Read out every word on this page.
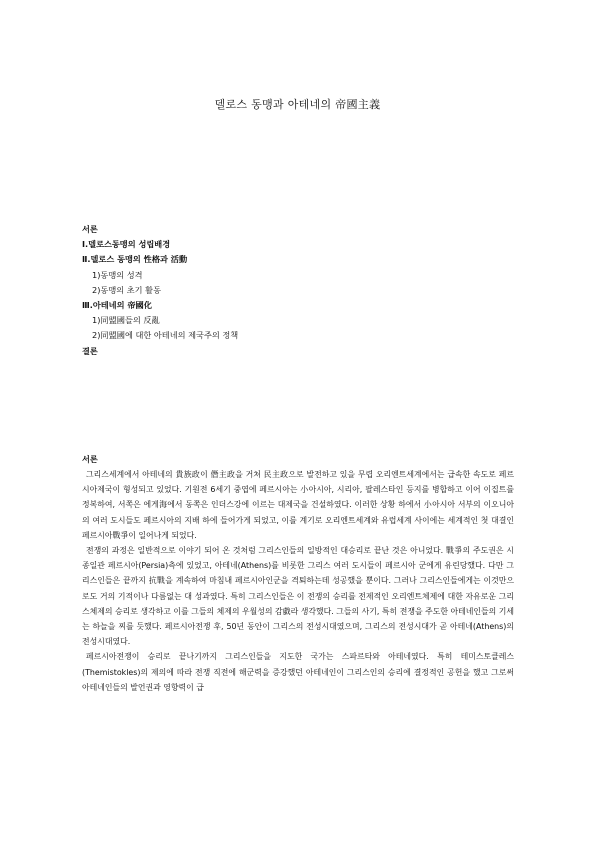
델로스 동맹과 아테네의 帝國主義
서론
Ⅰ.델로스동맹의 성립배경
Ⅱ.델로스 동맹의 性格과 活動
1)동맹의 성격
2)동맹의 초기 활동
Ⅲ.아테네의 帝國化
1)同盟國들의 反亂
2)同盟國에 대한 아테네의 제국주의 정책
결론
서론

그리스세계에서 아테네의 貴族政이 僭主政을 거쳐 民主政으로 발전하고 있을 무렵 오리엔트세계에서는 급속한 속도로 페르시아제국이 형성되고 있었다. 기원전 6세기 중엽에 페르시아는 小아시아, 시리아, 팔레스타인 등지를 병합하고 이어 이집트를 정복하여, 서쪽은 에게海에서 동쪽은 인더스강에 이르는 대제국을 건설하였다. 이러한 상황 하에서 小아시아 서부의 이오니아의 여러 도시들도 페르시아의 지배 하에 들어가게 되었고, 이를 계기로 오리엔트세계와 유럽세계 사이에는 세계적인 첫 대결인 페르시아戰爭이 일어나게 되었다.

전쟁의 과정은 일반적으로 이야기 되어 온 것처럼 그리스인들의 일방적인 대승리로 끝난 것은 아니었다. 戰爭의 주도권은 시종일관 페르시아(Persia)측에 있었고, 아테네(Athens)를 비롯한 그리스 여러 도시들이 페르시아 군에게 유린당했다. 다만 그리스인들은 끝까지 抗戰을 계속하여 마침내 페르시아인군을 격퇴하는데 성공했을 뿐이다. 그러나 그리스인들에게는 이것만으로도 거의 기적이나 다름없는 대 성과였다. 특히 그리스인들은 이 전쟁의 승리를 전제적인 오리엔트체제에 대한 자유로운 그리스체제의 승리로 생각하고 이를 그들의 체제의 우월성의 감戱라 생각했다. 그들의 사기, 특히 전쟁을 주도한 아테네인들의 기세는 하늘을 찌를 듯했다. 페르시아전쟁 후, 50년 동안이 그리스의 전성시대였으며, 그리스의 전성시대가 곧 아테네(Athens)의 전성시대였다.

페르시아전쟁이 승리로 끝나기까지 그리스인들을 지도한 국가는 스파르타와 아테네였다. 특히 테미스토클레스(Themistokles)의 제의에 따라 전쟁 직전에 해군력을 증강했던 아테네인이 그리스인의 승리에 결정적인 공헌을 했고 그로써 아테네인들의 발언권과 영향력이 급
